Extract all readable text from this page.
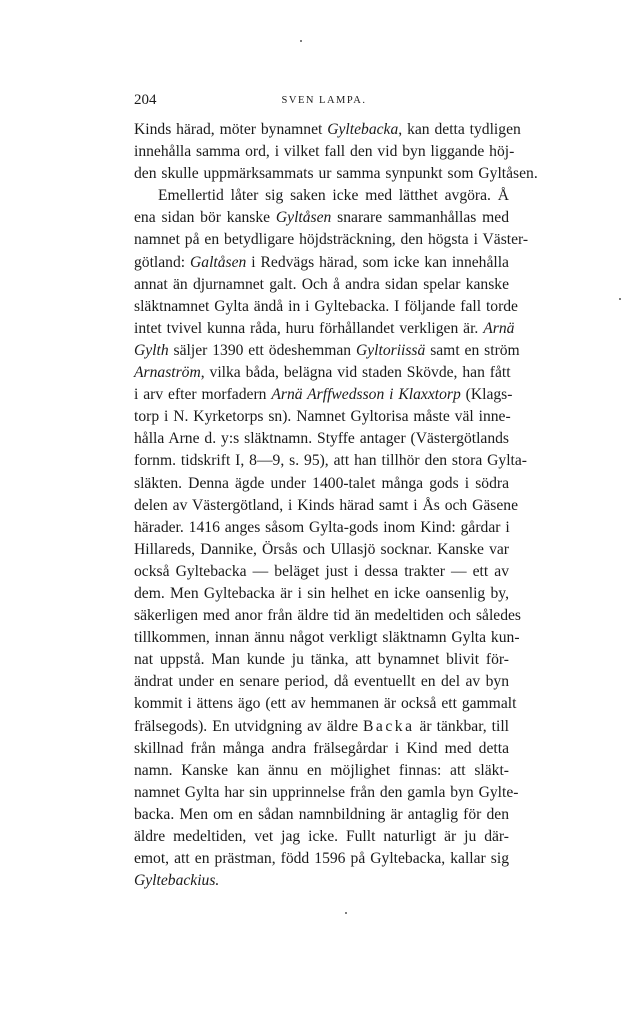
204	SVEN LAMPA.
Kinds härad, möter bynamnet Gyltebacka, kan detta tydligen
innehålla samma ord, i vilket fall den vid byn liggande höj-
den skulle uppmärksammats ur samma synpunkt som Gyltåsen.
Emellertid låter sig saken icke med lätthet avgöra. Å
ena sidan bör kanske Gyltåsen snarare sammanhållas med
namnet på en betydligare höjdsträckning, den högsta i Väster-
götland: Galtåsen i Redvägs härad, som icke kan innehålla
annat än djurnamnet galt. Och å andra sidan spelar kanske
släktnamnet Gylta ändå in i Gyltebacka. I följande fall torde
intet tvivel kunna råda, huru förhållandet verkligen är. Arnä
Gylth säljer 1390 ett ödeshemman Gyltoriissä samt en ström
Arnaström, vilka båda, belägna vid staden Skövde, han fått
i arv efter morfadern Arnä Arffwedsson i Klaxxtorp (Klags-
torp i N. Kyrketorps sn). Namnet Gyltorisa måste väl inne-
hålla Arne d. y:s släktnamn. Styffe antager (Västergötlands
fornm. tidskrift I, 8—9, s. 95), att han tillhör den stora Gylta-
släkten. Denna ägde under 1400-talet många gods i södra
delen av Västergötland, i Kinds härad samt i Ås och Gäsene
härader. 1416 anges såsom Gylta-gods inom Kind: gårdar i
Hillareds, Dannike, Örsås och Ullasjö socknar. Kanske var
också Gyltebacka — beläget just i dessa trakter — ett av
dem. Men Gyltebacka är i sin helhet en icke oansenlig by,
säkerligen med anor från äldre tid än medeltiden och således
tillkommen, innan ännu något verkligt släktnamn Gylta kun-
nat uppstå. Man kunde ju tänka, att bynamnet blivit för-
ändrat under en senare period, då eventuellt en del av byn
kommit i ättens ägo (ett av hemmanen är också ett gammalt
frälsegods). En utvidgning av äldre Backa är tänkbar, till
skillnad från många andra frälsegårdar i Kind med detta
namn. Kanske kan ännu en möjlighet finnas: att släkt-
namnet Gylta har sin upprinnelse från den gamla byn Gylte-
backa. Men om en sådan namnbildning är antaglig för den
äldre medeltiden, vet jag icke. Fullt naturligt är ju där-
emot, att en prästman, född 1596 på Gyltebacka, kallar sig
Gyltebackius.
